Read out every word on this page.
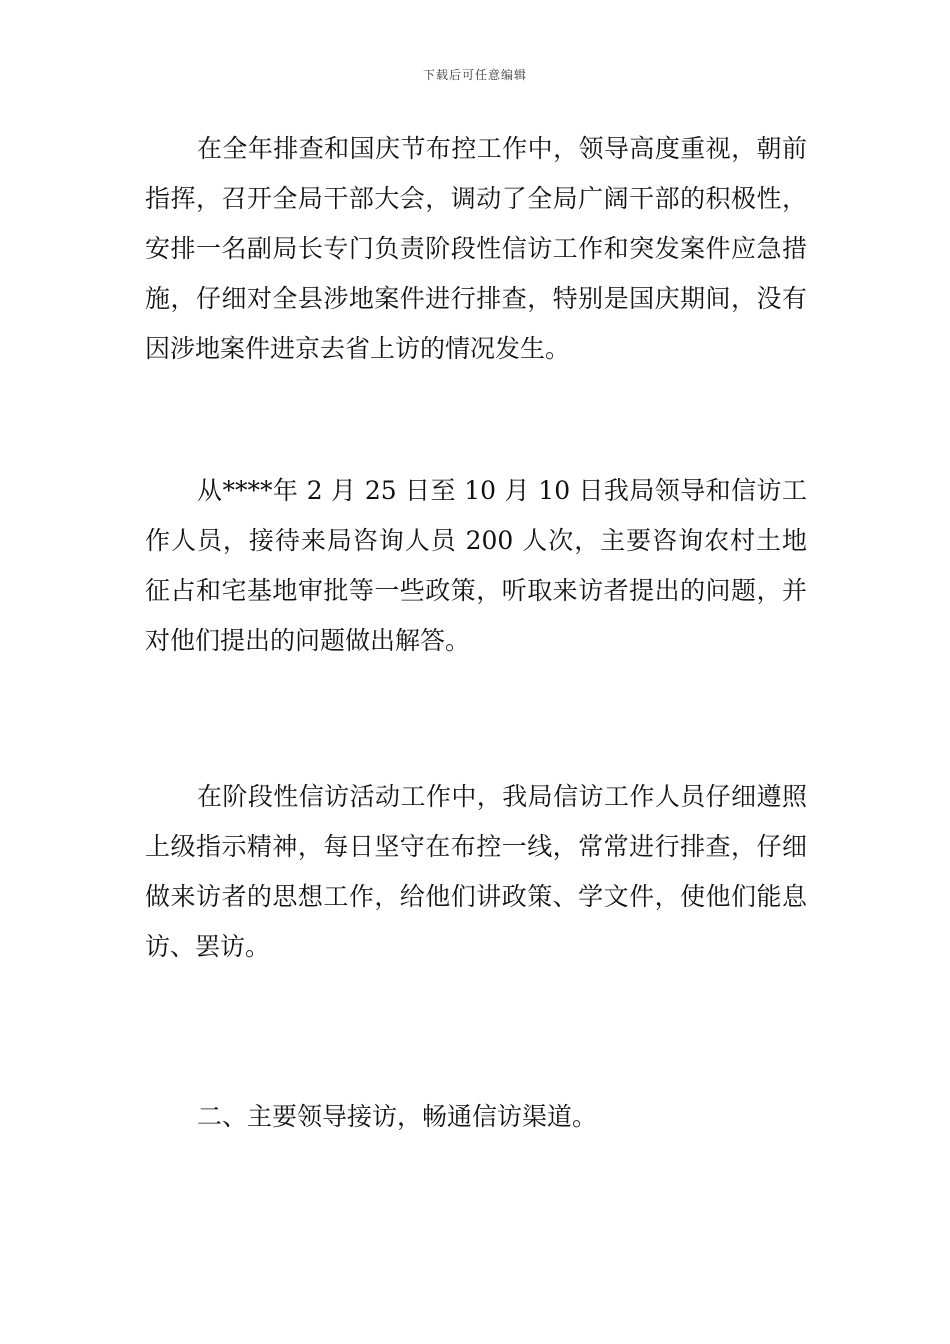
下载后可任意编辑

在全年排查和国庆节布控工作中，领导高度重视，朝前指挥，召开全局干部大会，调动了全局广阔干部的积极性，安排一名副局长专门负责阶段性信访工作和突发案件应急措施，仔细对全县涉地案件进行排查，特别是国庆期间，没有因涉地案件进京去省上访的情况发生。

从****年 2 月 25 日至 10 月 10 日我局领导和信访工作人员，接待来局咨询人员 200 人次，主要咨询农村土地征占和宅基地审批等一些政策，听取来访者提出的问题，并对他们提出的问题做出解答。

在阶段性信访活动工作中，我局信访工作人员仔细遵照上级指示精神，每日坚守在布控一线，常常进行排查，仔细做来访者的思想工作，给他们讲政策、学文件，使他们能息访、罢访。

二、主要领导接访，畅通信访渠道。
